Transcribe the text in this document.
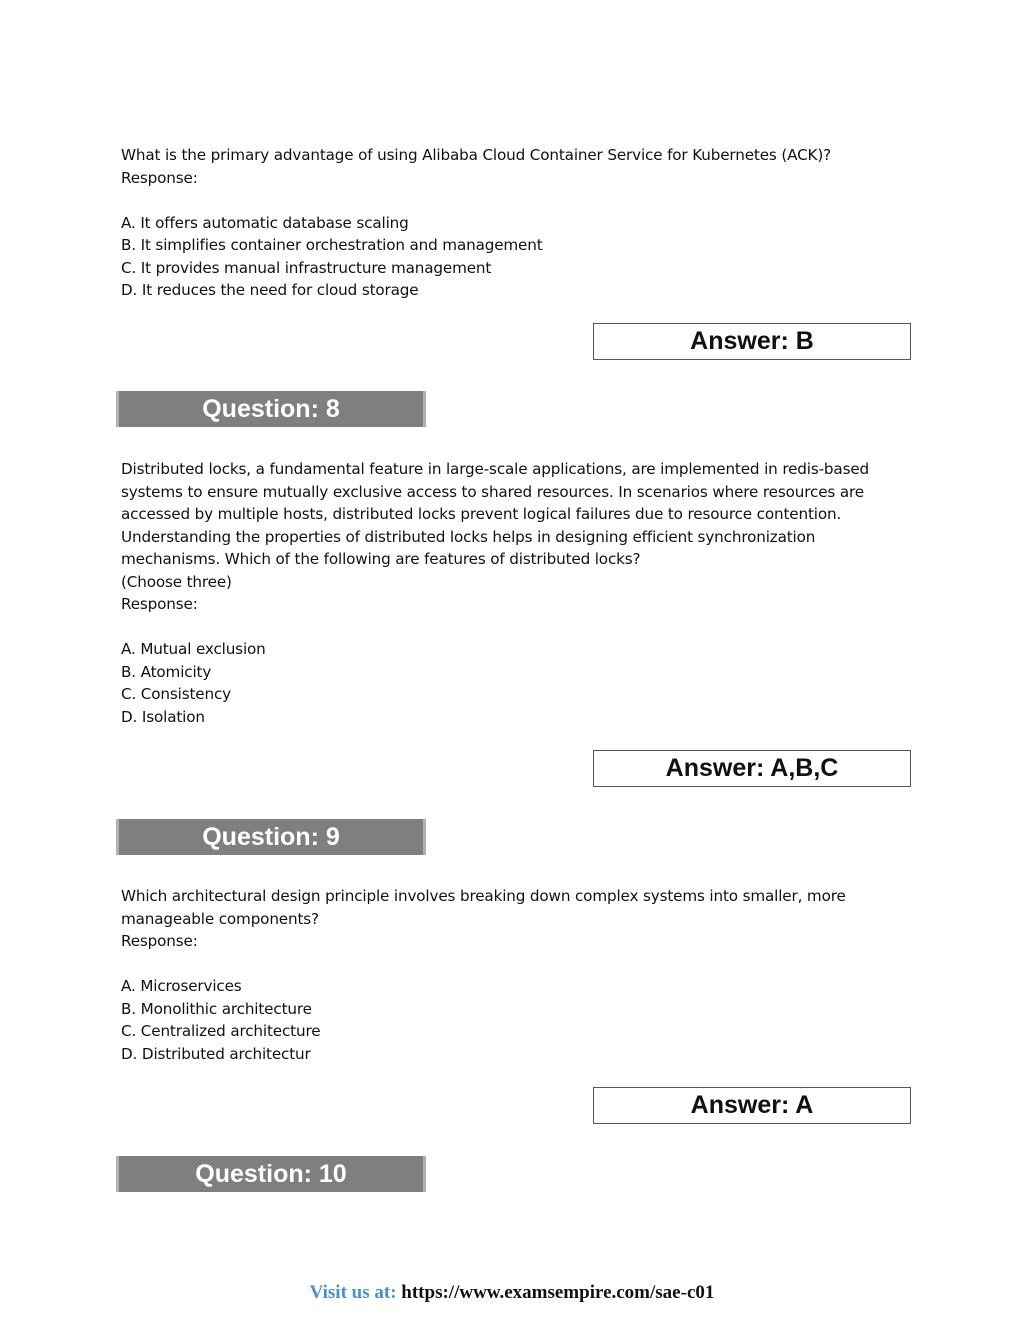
What is the primary advantage of using Alibaba Cloud Container Service for Kubernetes (ACK)?

Response:

A. It offers automatic database scaling

B. It simplifies container orchestration and management

C. It provides manual infrastructure management

D. It reduces the need for cloud storage

Answer: B
Question: 8

Distributed locks, a fundamental feature in large-scale applications, are implemented in redis-based

systems to ensure mutually exclusive access to shared resources. In scenarios where resources are

accessed by multiple hosts, distributed locks prevent logical failures due to resource contention.

Understanding the properties of distributed locks helps in designing efficient synchronization

mechanisms. Which of the following are features of distributed locks?

(Choose three)

Response:

A. Mutual exclusion

B. Atomicity

C. Consistency

D. Isolation

Answer: A,B,C
Question: 9

Which architectural design principle involves breaking down complex systems into smaller, more

manageable components?

Response:

A. Microservices

B. Monolithic architecture

C. Centralized architecture

D. Distributed architectur

Answer: A
Question: 10
Visit us at: https://www.examsempire.com/sae-c01
